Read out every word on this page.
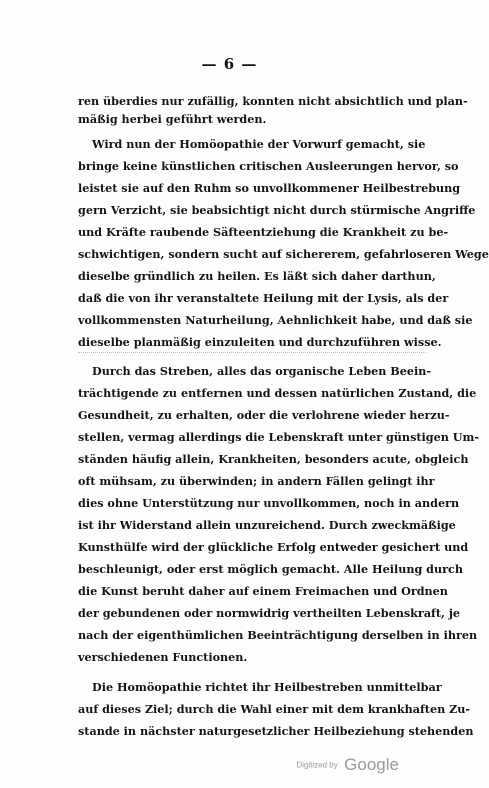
— 6 —
ren überdies nur zufällig, konnten nicht absichtlich und plan-
mäßig herbei geführt werden.
Wird nun der Homöopathie der Vorwurf gemacht, sie
bringe keine künstlichen critischen Ausleerungen hervor, so
leistet sie auf den Ruhm so unvollkommener Heilbestrebung
gern Verzicht, sie beabsichtigt nicht durch stürmische Angriffe
und Kräfte raubende Säfteentziehung die Krankheit zu be-
schwichtigen, sondern sucht auf sichererem, gefahrloseren Wege
dieselbe gründlich zu heilen. Es läßt sich daher darthun,
daß die von ihr veranstaltete Heilung mit der Lysis, als der
vollkommensten Naturheilung, Aehnlichkeit habe, und daß sie
dieselbe planmäßig einzuleiten und durchzuführen wisse.
Durch das Streben, alles das organische Leben Beein-
trächtigende zu entfernen und dessen natürlichen Zustand, die
Gesundheit, zu erhalten, oder die verlohrene wieder herzu-
stellen, vermag allerdings die Lebenskraft unter günstigen Um-
ständen häufig allein, Krankheiten, besonders acute, obgleich
oft mühsam, zu überwinden; in andern Fällen gelingt ihr
dies ohne Unterstützung nur unvollkommen, noch in andern
ist ihr Widerstand allein unzureichend. Durch zweckmäßige
Kunsthülfe wird der glückliche Erfolg entweder gesichert und
beschleunigt, oder erst möglich gemacht. Alle Heilung durch
die Kunst beruht daher auf einem Freimachen und Ordnen
der gebundenen oder normwidrig vertheilten Lebenskraft, je
nach der eigenthümlichen Beeinträchtigung derselben in ihren
verschiedenen Functionen.
Die Homöopathie richtet ihr Heilbestreben unmittelbar
auf dieses Ziel; durch die Wahl einer mit dem krankhaften Zu-
stande in nächster naturgesetzlicher Heilbeziehung stehenden
Digitized by Google
